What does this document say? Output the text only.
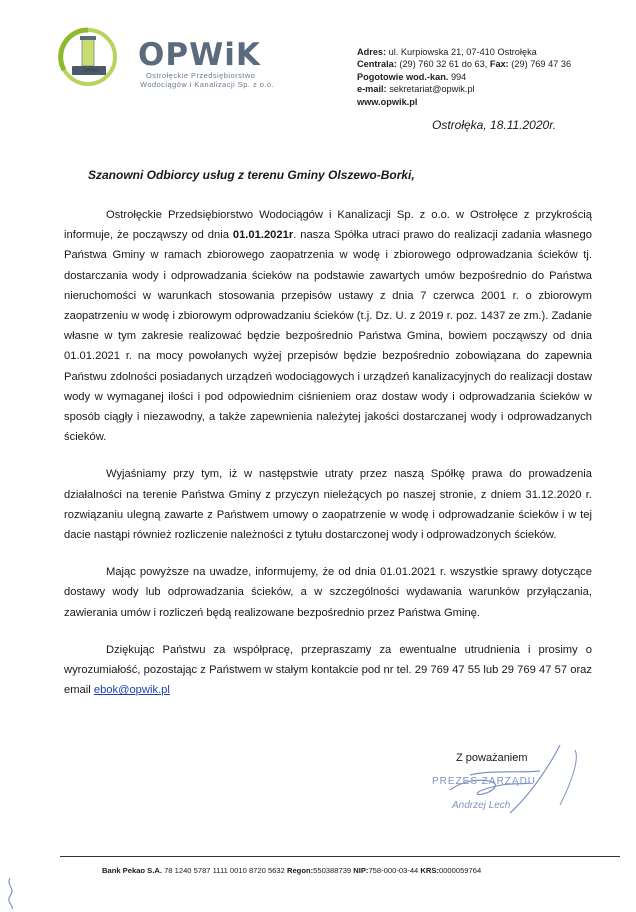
OPWiK OPWiK
Ostrołęckie Przedsiębiorstwo
Wodociągów i Kanalizacji Sp. z o.o.
Adres: ul. Kurpiowska 21, 07-410 Ostrołęka
Centrala: (29) 760 32 61 do 63, Fax: (29) 769 47 36
Pogotowie wod.-kan. 994
e-mail: sekretariat@opwik.pl
www.opwik.pl
Ostrołęka, 18.11.2020r.
Szanowni Odbiorcy usług z terenu Gminy Olszewo-Borki,

Ostrołęckie Przedsiębiorstwo Wodociągów i Kanalizacji Sp. z o.o. w Ostrołęce z przykrością informuje, że począwszy od dnia 01.01.2021r. nasza Spółka utraci prawo do realizacji zadania własnego Państwa Gminy w ramach zbiorowego zaopatrzenia w wodę i zbiorowego odprowadzania ścieków tj. dostarczania wody i odprowadzania ścieków na podstawie zawartych umów bezpośrednio do Państwa nieruchomości w warunkach stosowania przepisów ustawy z dnia 7 czerwca 2001 r. o zbiorowym zaopatrzeniu w wodę i zbiorowym odprowadzaniu ścieków (t.j. Dz. U. z 2019 r. poz. 1437 ze zm.). Zadanie własne w tym zakresie realizować będzie bezpośrednio Państwa Gmina, bowiem począwszy od dnia 01.01.2021 r. na mocy powołanych wyżej przepisów będzie bezpośrednio zobowiązana do zapewnia Państwu zdolności posiadanych urządzeń wodociągowych i urządzeń kanalizacyjnych do realizacji dostaw wody w wymaganej ilości i pod odpowiednim ciśnieniem oraz dostaw wody i odprowadzania ścieków w sposób ciągły i niezawodny, a także zapewnienia należytej jakości dostarczanej wody i odprowadzanych ścieków.

Wyjaśniamy przy tym, iż w następstwie utraty przez naszą Spółkę prawa do prowadzenia działalności na terenie Państwa Gminy z przyczyn nieleżących po naszej stronie, z dniem 31.12.2020 r. rozwiązaniu ulegną zawarte z Państwem umowy o zaopatrzenie w wodę i odprowadzanie ścieków i w tej dacie nastąpi również rozliczenie należności z tytułu dostarczonej wody i odprowadzonych ścieków.

Mając powyższe na uwadze, informujemy, że od dnia 01.01.2021 r. wszystkie sprawy dotyczące dostawy wody lub odprowadzania ścieków, a w szczególności wydawania warunków przyłączania, zawierania umów i rozliczeń będą realizowane bezpośrednio przez Państwa Gminę.

Dziękując Państwu za współpracę, przepraszamy za ewentualne utrudnienia i prosimy o wyrozumiałość, pozostając z Państwem w stałym kontakcie pod nr tel. 29 769 47 55 lub 29 769 47 57 oraz email ebok@opwik.pl

Z poważaniem
PREZES ZARZĄDU
Andrzej Lech
Bank Pekao S.A. 78 1240 5787 1111 0010 8720 5632 Regon:550388739 NIP:758-000-03-44 KRS:0000059764
